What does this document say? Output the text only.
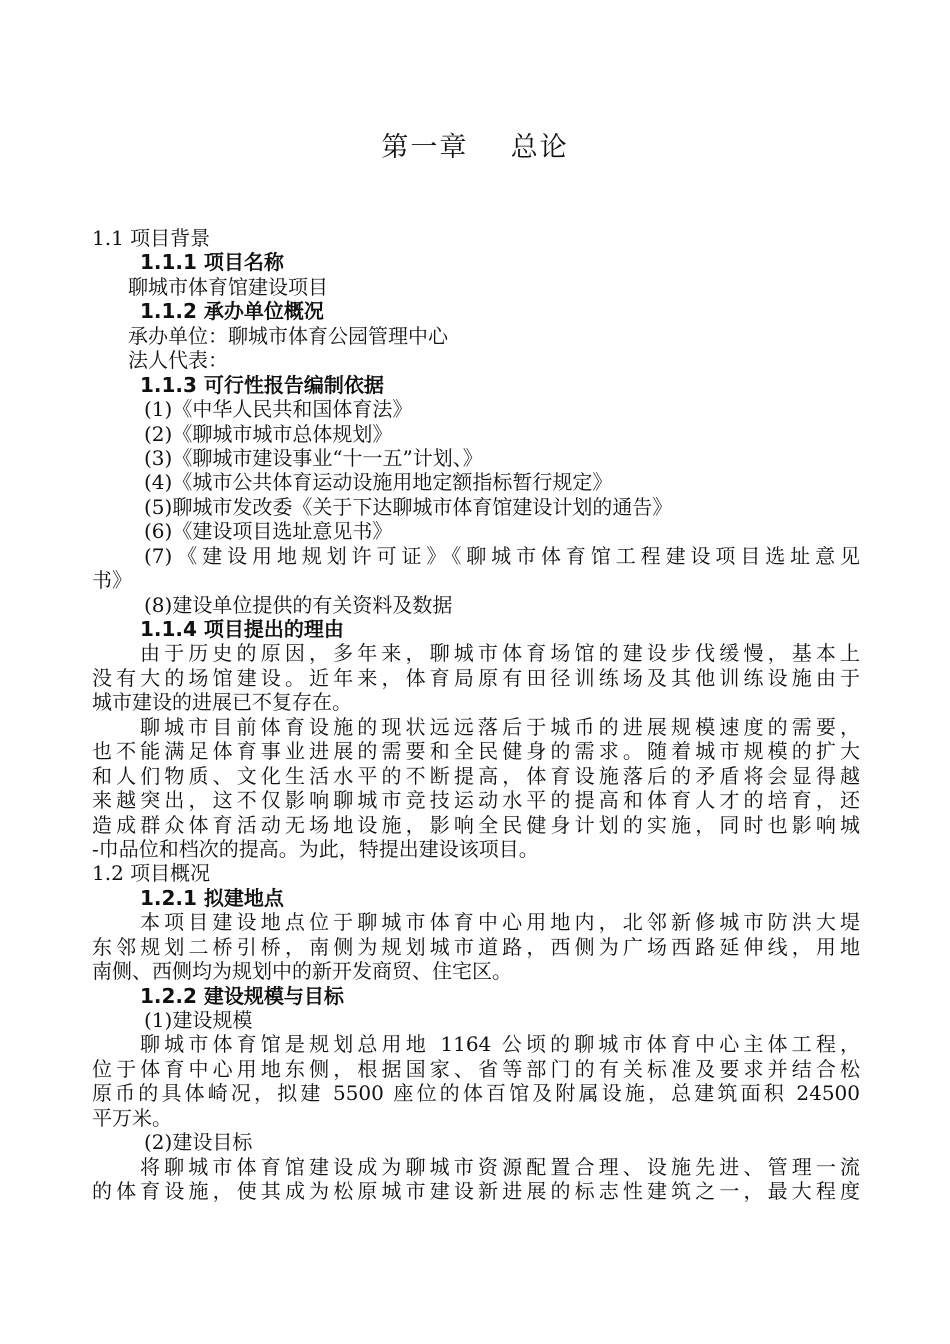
第一章    总论
1.1 项目背景
1.1.1 项目名称
聊城市体育馆建设项目
1.1.2 承办单位概况
承办单位：聊城市体育公园管理中心
法人代表：
1.1.3 可行性报告编制依据
(1)《中华人民共和国体育法》
(2)《聊城市城市总体规划》
(3)《聊城市建设事业“十一五”计划、》
(4)《城市公共体育运动设施用地定额指标暂行规定》
(5)聊城市发改委《关于下达聊城市体育馆建设计划的通告》
(6)《建设项目选址意见书》
(7)《建设用地规划许可证》《聊城市体育馆工程建设项目选址意见
书》
(8)建设单位提供的有关资料及数据
1.1.4 项目提出的理由
由于历史的原因，多年来，聊城市体育场馆的建设步伐缓慢，基本上
没有大的场馆建设。近年来，体育局原有田径训练场及其他训练设施由于
城市建设的进展已不复存在。
聊城市目前体育设施的现状远远落后于城币的进展规模速度的需要，
也不能满足体育事业进展的需要和全民健身的需求。随着城市规模的扩大
和人们物质、文化生活水平的不断提高，体育设施落后的矛盾将会显得越
来越突出，这不仅影响聊城市竞技运动水平的提高和体育人才的培育，还
造成群众体育活动无场地设施，影响全民健身计划的实施，同时也影响城
-巾品位和档次的提高。为此，特提出建设该项目。
1.2 项目概况
1.2.1 拟建地点
本项目建设地点位于聊城市体育中心用地内，北邻新修城市防洪大堤
东邻规划二桥引桥，南侧为规划城市道路，西侧为广场西路延伸线，用地
南侧、西侧均为规划中的新开发商贸、住宅区。
1.2.2 建设规模与目标
(1)建设规模
聊城市体育馆是规划总用地 1164 公顷的聊城市体育中心主体工程，
位于体育中心用地东侧，根据国家、省等部门的有关标准及要求并结合松
原币的具体崎况，拟建 5500 座位的体百馆及附属设施，总建筑面积 24500
平万米。
(2)建设目标
将聊城市体育馆建设成为聊城市资源配置合理、设施先进、管理一流
的体育设施，使其成为松原城市建设新进展的标志性建筑之一，最大程度
